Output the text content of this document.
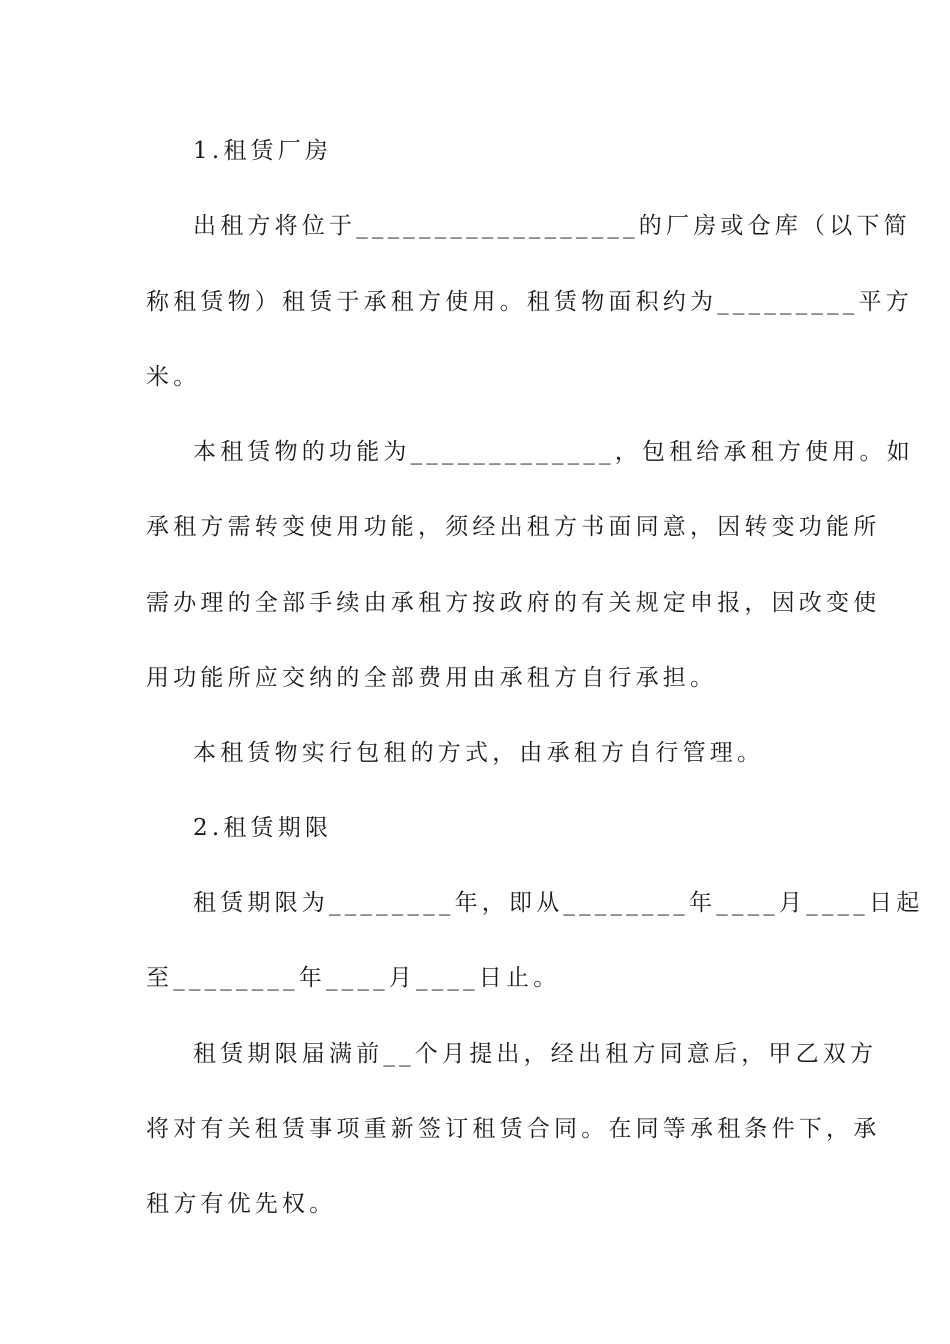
1.租赁厂房
出租方将位于__________________的厂房或仓库（以下简
称租赁物）租赁于承租方使用。租赁物面积约为_________平方
米。
本租赁物的功能为_____________，包租给承租方使用。如
承租方需转变使用功能，须经出租方书面同意，因转变功能所
需办理的全部手续由承租方按政府的有关规定申报，因改变使
用功能所应交纳的全部费用由承租方自行承担。
本租赁物实行包租的方式，由承租方自行管理。
2.租赁期限
租赁期限为________年，即从________年____月____日起
至________年____月____日止。
租赁期限届满前__个月提出，经出租方同意后，甲乙双方
将对有关租赁事项重新签订租赁合同。在同等承租条件下，承
租方有优先权。
